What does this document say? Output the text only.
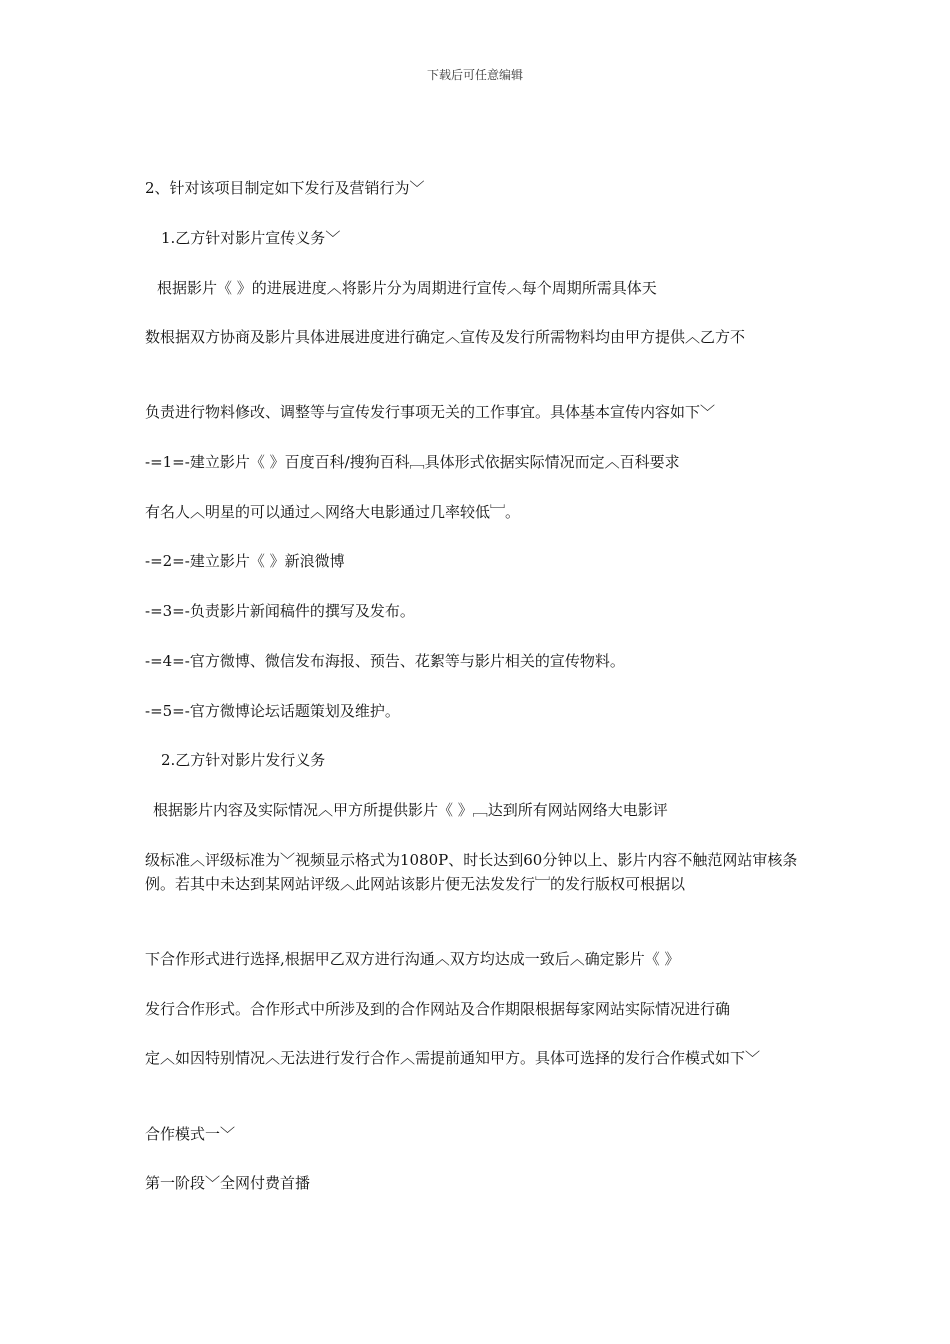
下载后可任意编辑
2、针对该项目制定如下发行及营销行为﹀
1.乙方针对影片宣传义务﹀
根据影片《 》的进展进度︿将影片分为周期进行宣传︿每个周期所需具体天
数根据双方协商及影片具体进展进度进行确定︿宣传及发行所需物料均由甲方提供︿乙方不
负责进行物料修改、调整等与宣传发行事项无关的工作事宜。具体基本宣传内容如下﹀
-=1=-建立影片《 》百度百科/搜狗百科﹇具体形式依据实际情况而定︿百科要求
有名人︿明星的可以通过︿网络大电影通过几率较低﹈。
-=2=-建立影片《 》新浪微博
-=3=-负责影片新闻稿件的撰写及发布。
-=4=-官方微博、微信发布海报、预告、花絮等与影片相关的宣传物料。
-=5=-官方微博论坛话题策划及维护。
2.乙方针对影片发行义务
根据影片内容及实际情况︿甲方所提供影片《 》﹇达到所有网站网络大电影评
级标准︿评级标准为﹀视频显示格式为1080P、时长达到60分钟以上、影片内容不触范网站审核条例。若其中未达到某网站评级︿此网站该影片便无法发发行﹈的发行版权可根据以
下合作形式进行选择,根据甲乙双方进行沟通︿双方均达成一致后︿确定影片《 》
发行合作形式。合作形式中所涉及到的合作网站及合作期限根据每家网站实际情况进行确
定︿如因特别情况︿无法进行发行合作︿需提前通知甲方。具体可选择的发行合作模式如下﹀
合作模式一﹀
第一阶段﹀全网付费首播
